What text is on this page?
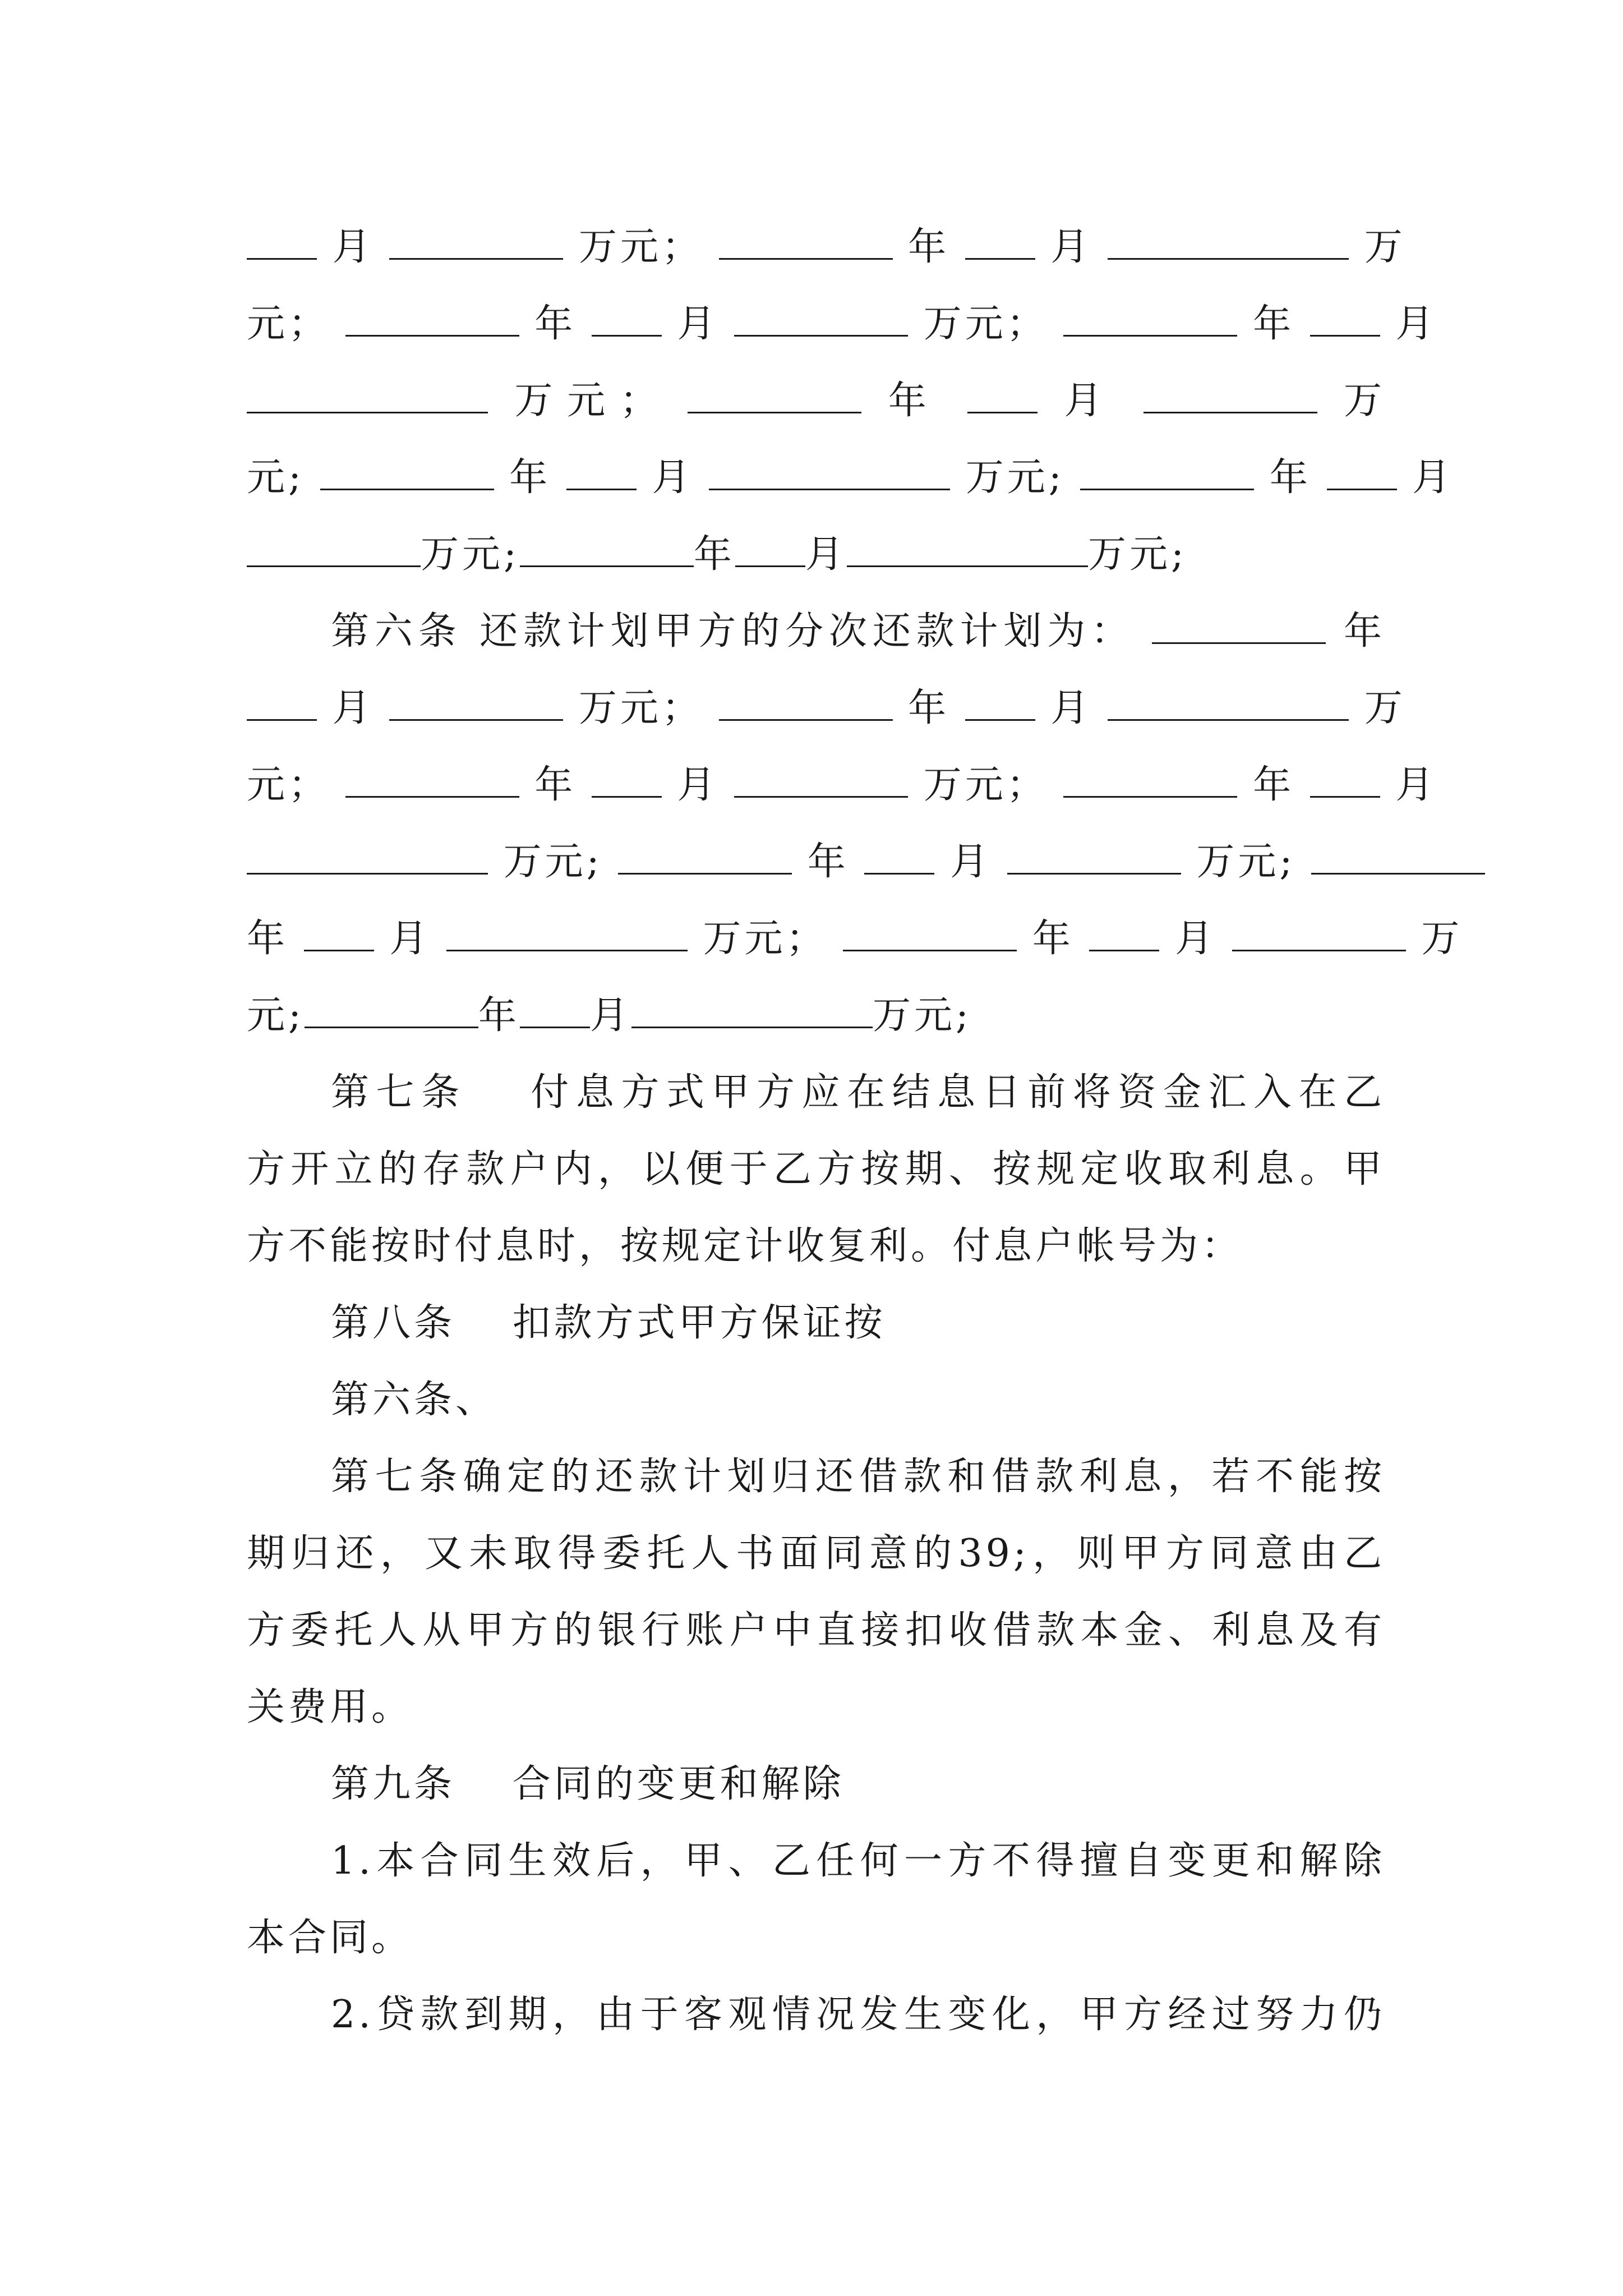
月	万元；	年	月	万
元；	年	月	万元；	年	月
万元；	年	月	万
元;	年	月	万元;	年	月
万元;	年 月	万元;
第六条 还款计划甲方的分次还款计划为：	年
月	万元；	年	月	万
元；	年	月	万元；	年	月
万元;	年	月	万元;
年	月	万元；	年	月	万
元;	年 月	万元;
第七条　 付息方式甲方应在结息日前将资金汇入在乙
方开立的存款户内，以便于乙方按期、按规定收取利息。甲
方不能按时付息时，按规定计收复利。付息户帐号为：
第八条　 扣款方式甲方保证按
第六条、
第七条确定的还款计划归还借款和借款利息，若不能按
期归还，又未取得委托人书面同意的39;，则甲方同意由乙
方委托人从甲方的银行账户中直接扣收借款本金、利息及有
关费用。
第九条　 合同的变更和解除
1.本合同生效后，甲、乙任何一方不得擅自变更和解除
本合同。
2.贷款到期，由于客观情况发生变化，甲方经过努力仍
